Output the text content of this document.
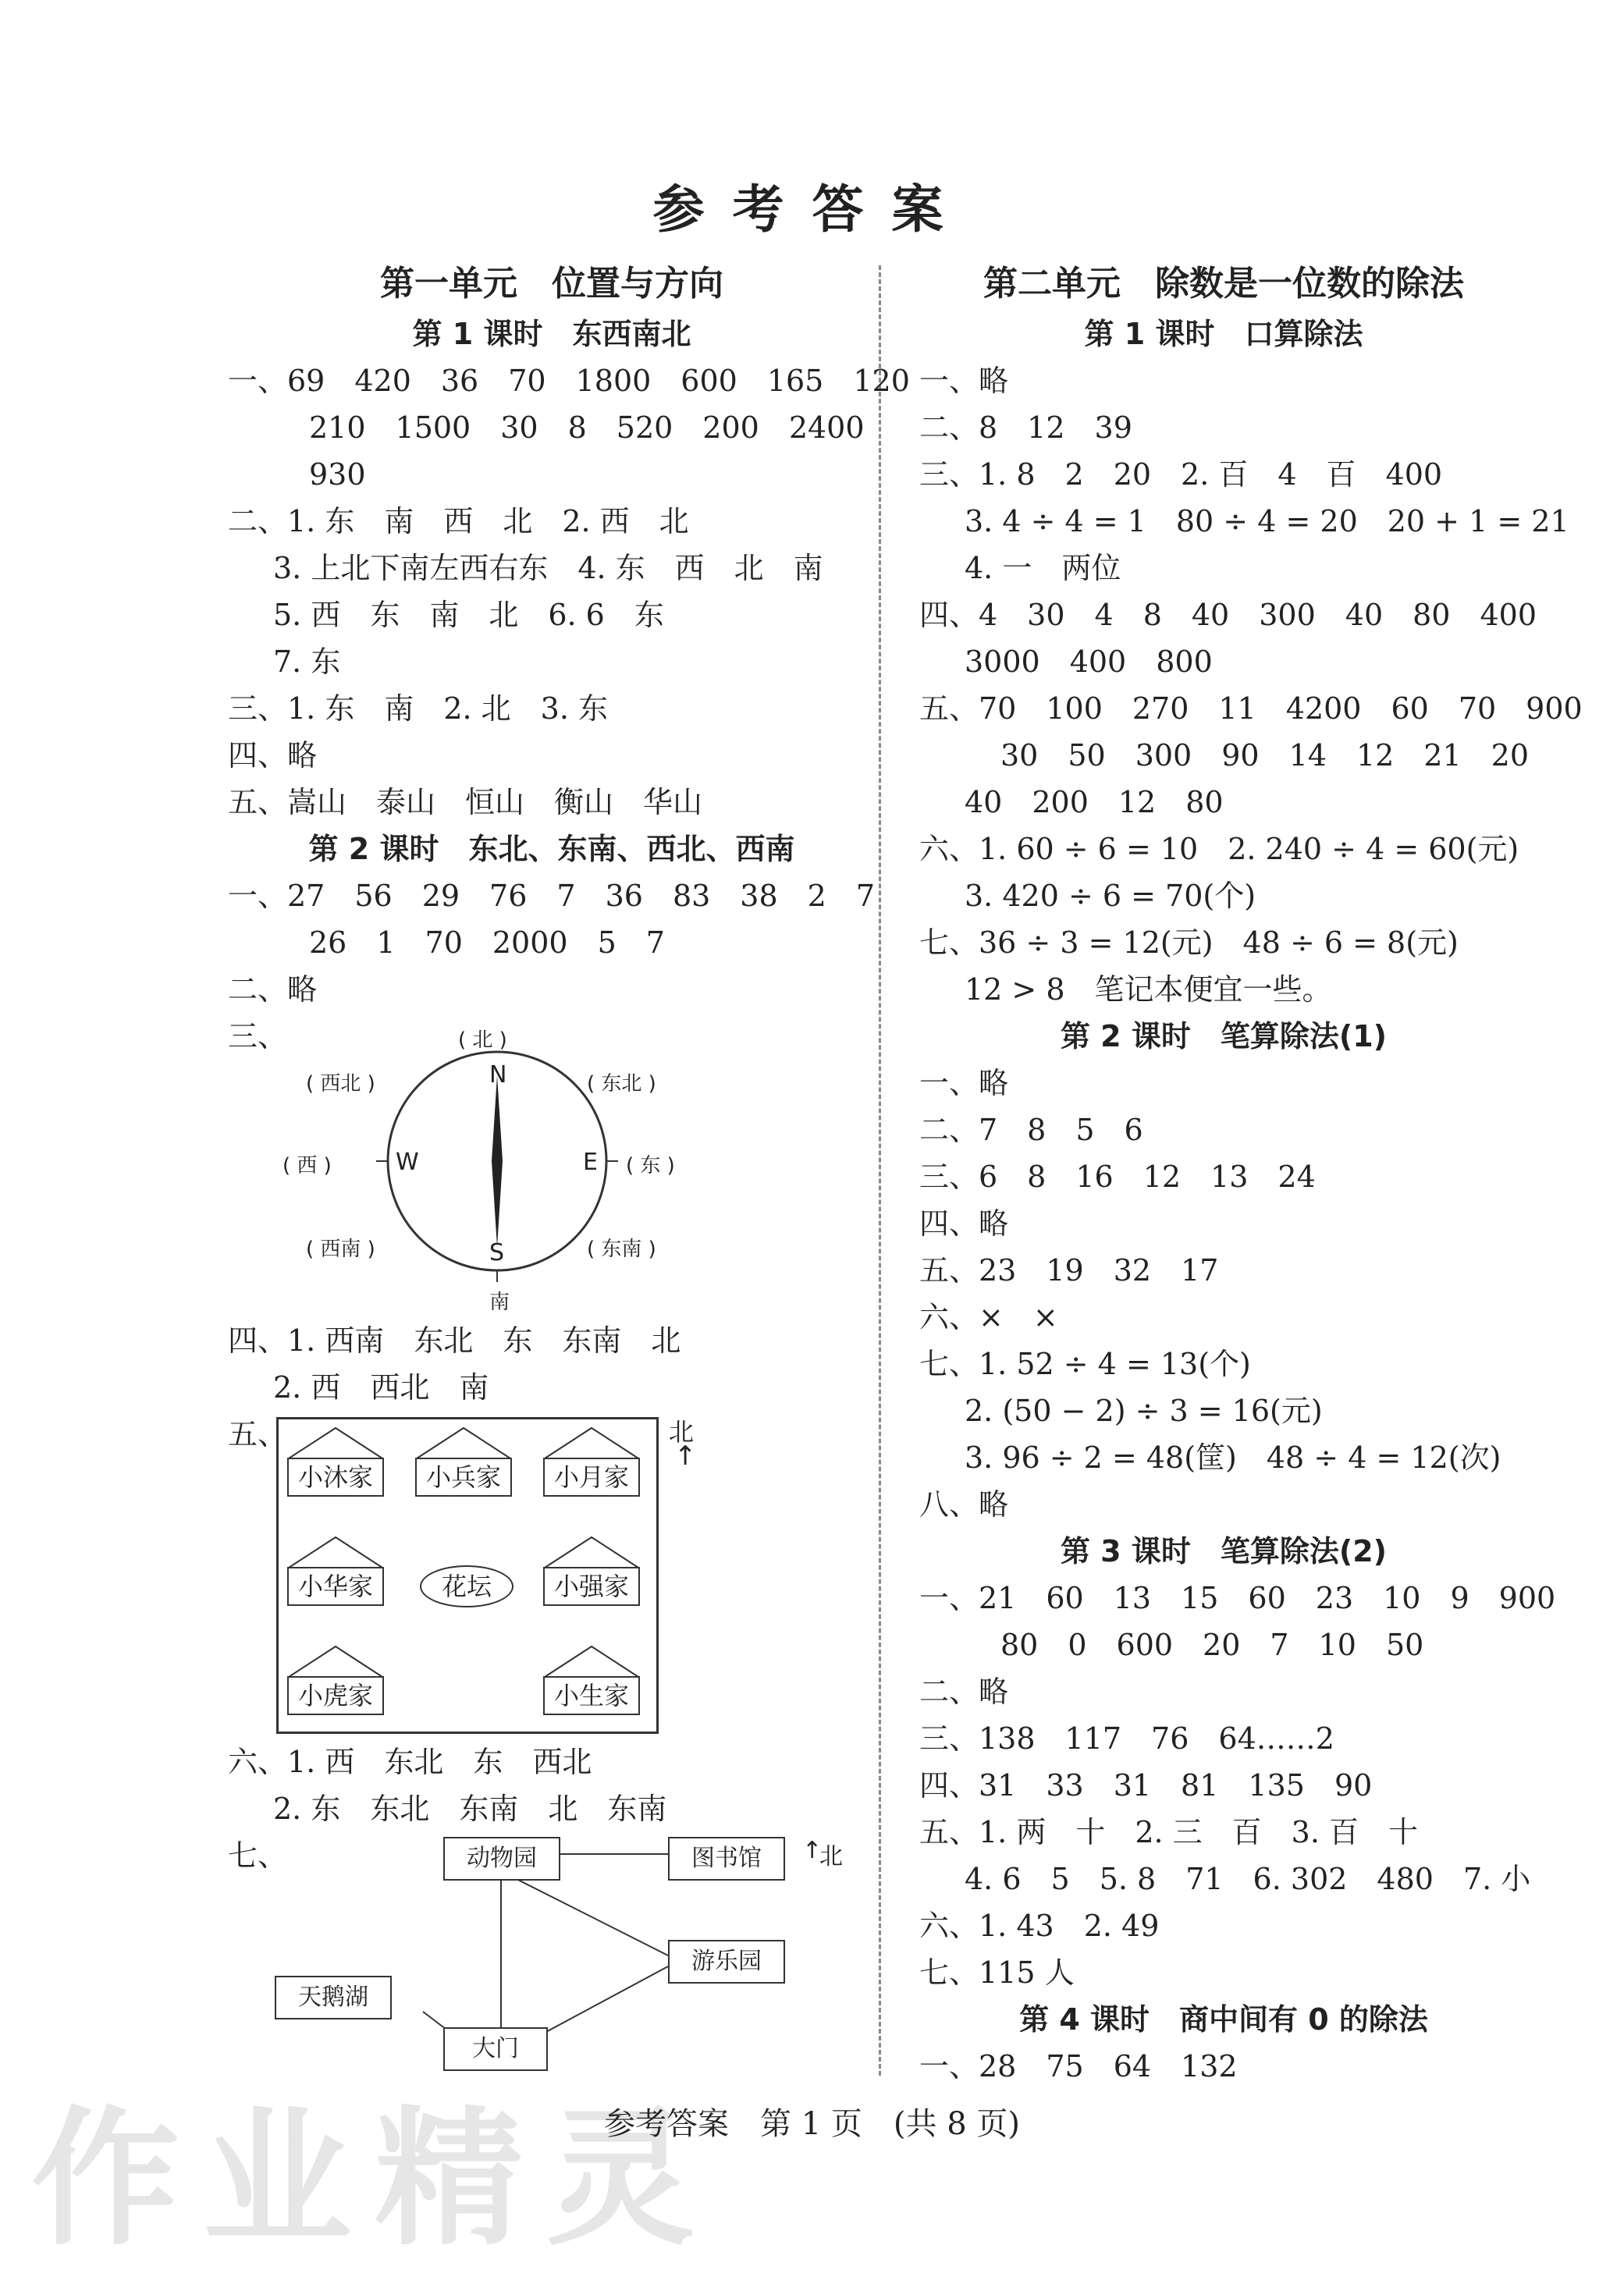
参考答案
第一单元　位置与方向
第 1 课时　东西南北
一、69　420　36　70　1800　600　165　120
210　1500　30　8　520　200　2400
930
二、1. 东　南　西　北　2. 西　北
3. 上北下南左西右东　4. 东　西　北　南
5. 西　东　南　北　6. 6　东
7. 东
三、1. 东　南　2. 北　3. 东
四、略
五、嵩山　泰山　恒山　衡山　华山
第 2 课时　东北、东南、西北、西南
一、27　56　29　76　7　36　83　38　2　7
26　1　70　2000　5　7
二、略
三、
N
S
W	E
( 北 )
南
( 西 )	( 东 )
( 西北 )	( 东北 )
( 西南 )	( 东南 )
四、1. 西南　东北　东　东南　北
2. 西　西北　南
五、	北
↑
小沐家	小兵家	小月家
小华家	花坛	小强家
小虎家	小生家
六、1. 西　东北　东　西北
2. 东　东北　东南　北　东南
七、	动物园	图书馆	↑
北
游乐园
天鹅湖
大门
第二单元　除数是一位数的除法
第 1 课时　口算除法
一、略
二、8　12　39
三、1. 8　2　20　2. 百　4　百　400
3. 4 ÷ 4 = 1　80 ÷ 4 = 20　20 + 1 = 21
4. 一　两位
四、4　30　4　8　40　300　40　80　400
3000　400　800
五、70　100　270　11　4200　60　70　900
30　50　300　90　14　12　21　20
40　200　12　80
六、1. 60 ÷ 6 = 10　2. 240 ÷ 4 = 60(元)
3. 420 ÷ 6 = 70(个)
七、36 ÷ 3 = 12(元)　48 ÷ 6 = 8(元)
12 > 8　笔记本便宜一些。
第 2 课时　笔算除法(1)
一、略
二、7　8　5　6
三、6　8　16　12　13　24
四、略
五、23　19　32　17
六、×　×
七、1. 52 ÷ 4 = 13(个)
2. (50 − 2) ÷ 3 = 16(元)
3. 96 ÷ 2 = 48(筐)　48 ÷ 4 = 12(次)
八、略
第 3 课时　笔算除法(2)
一、21　60　13　15　60　23　10　9　900
80　0　600　20　7　10　50
二、略
三、138　117　76　64……2
四、31　33　31　81　135　90
五、1. 两　十　2. 三　百　3. 百　十
4. 6　5　5. 8　71　6. 302　480　7. 小
六、1. 43　2. 49
七、115 人
第 4 课时　商中间有 0 的除法
一、28　75　64　132
作业精灵
参考答案　第 1 页　(共 8 页)
